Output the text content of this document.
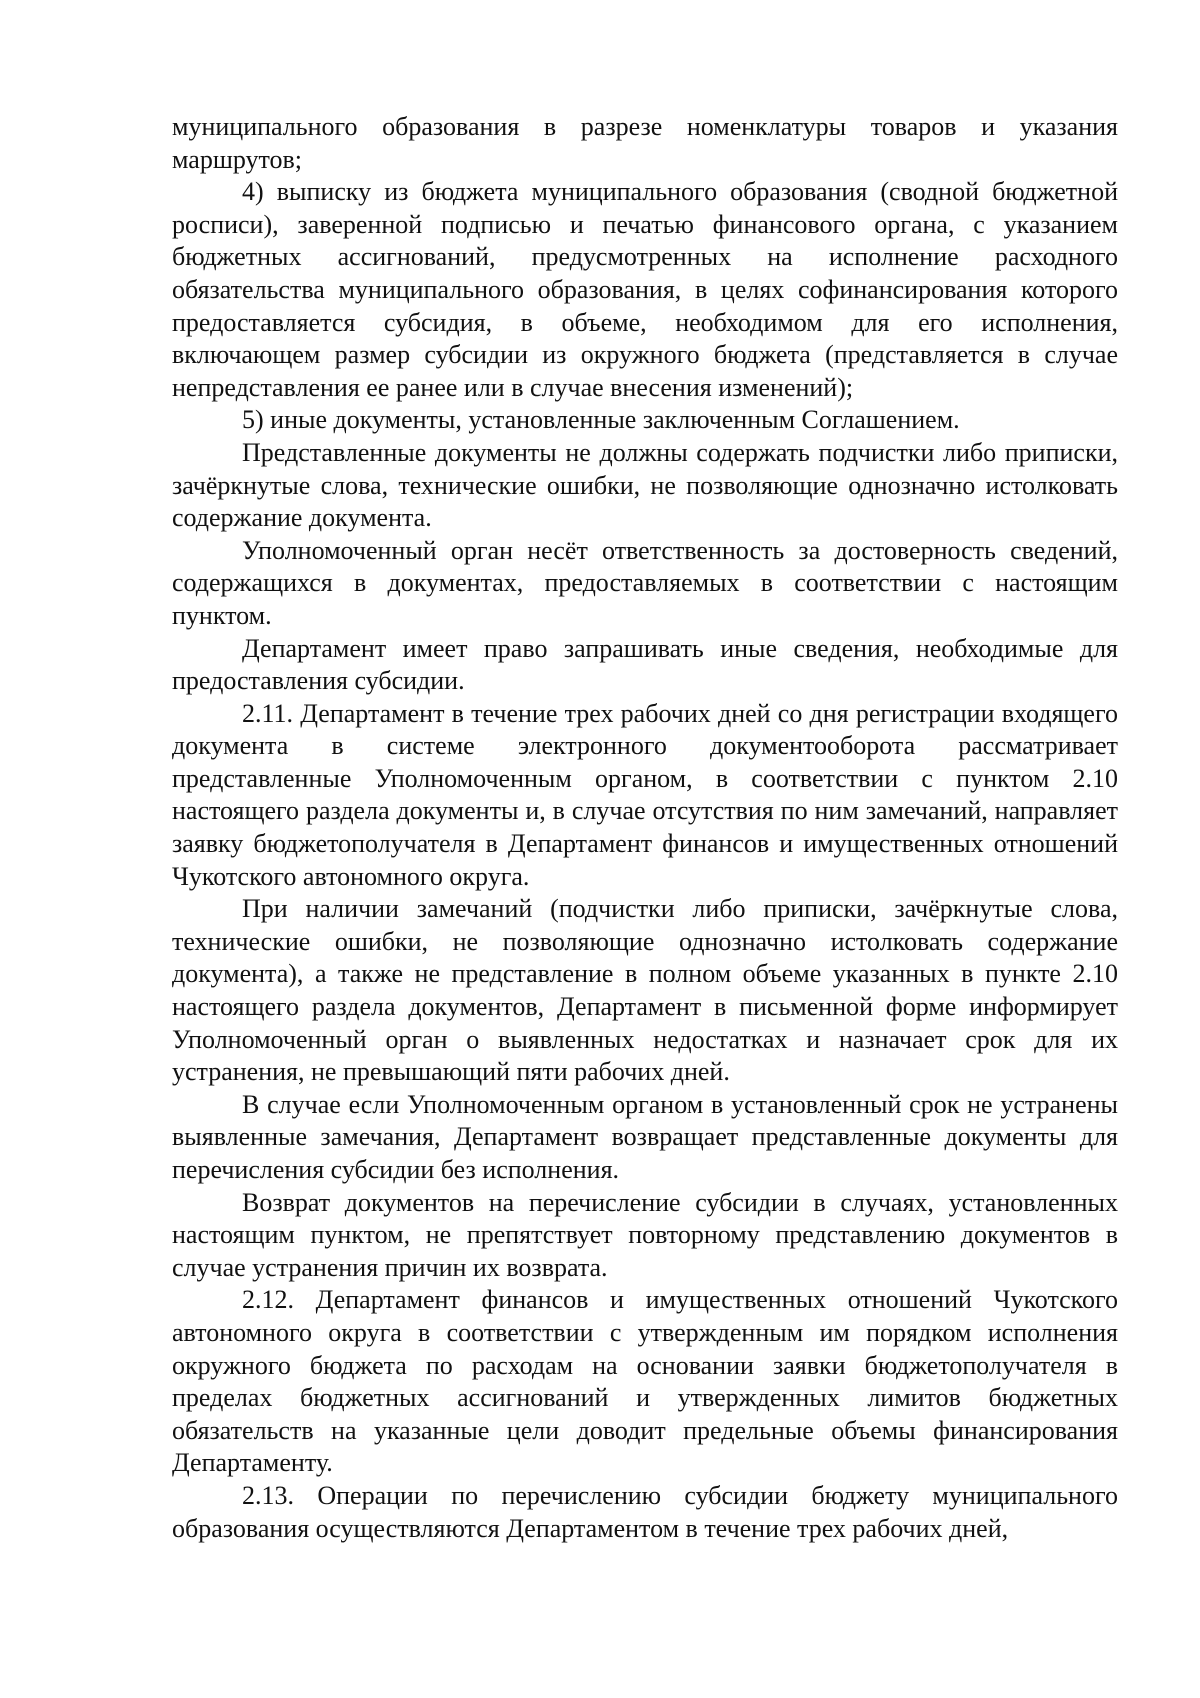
муниципального образования в разрезе номенклатуры товаров и указания маршрутов;

4) выписку из бюджета муниципального образования (сводной бюджетной росписи), заверенной подписью и печатью финансового органа, с указанием бюджетных ассигнований, предусмотренных на исполнение расходного обязательства муниципального образования, в целях софинансирования которого предоставляется субсидия, в объеме, необходимом для его исполнения, включающем размер субсидии из окружного бюджета (представляется в случае непредставления ее ранее или в случае внесения изменений);

5) иные документы, установленные заключенным Соглашением.

Представленные документы не должны содержать подчистки либо приписки, зачёркнутые слова, технические ошибки, не позволяющие однозначно истолковать содержание документа.

Уполномоченный орган несёт ответственность за достоверность сведений, содержащихся в документах, предоставляемых в соответствии с настоящим пунктом.

Департамент имеет право запрашивать иные сведения, необходимые для предоставления субсидии.

2.11. Департамент в течение трех рабочих дней со дня регистрации входящего документа в системе электронного документооборота рассматривает представленные Уполномоченным органом, в соответствии с пунктом 2.10 настоящего раздела документы и, в случае отсутствия по ним замечаний, направляет заявку бюджетополучателя в Департамент финансов и имущественных отношений Чукотского автономного округа.

При наличии замечаний (подчистки либо приписки, зачёркнутые слова, технические ошибки, не позволяющие однозначно истолковать содержание документа), а также не представление в полном объеме указанных в пункте 2.10 настоящего раздела документов, Департамент в письменной форме информирует Уполномоченный орган о выявленных недостатках и назначает срок для их устранения, не превышающий пяти рабочих дней.

В случае если Уполномоченным органом в установленный срок не устранены выявленные замечания, Департамент возвращает представленные документы для перечисления субсидии без исполнения.

Возврат документов на перечисление субсидии в случаях, установленных настоящим пунктом, не препятствует повторному представлению документов в случае устранения причин их возврата.

2.12. Департамент финансов и имущественных отношений Чукотского автономного округа в соответствии с утвержденным им порядком исполнения окружного бюджета по расходам на основании заявки бюджетополучателя в пределах бюджетных ассигнований и утвержденных лимитов бюджетных обязательств на указанные цели доводит предельные объемы финансирования Департаменту.

2.13. Операции по перечислению субсидии бюджету муниципального образования осуществляются Департаментом в течение трех рабочих дней,
